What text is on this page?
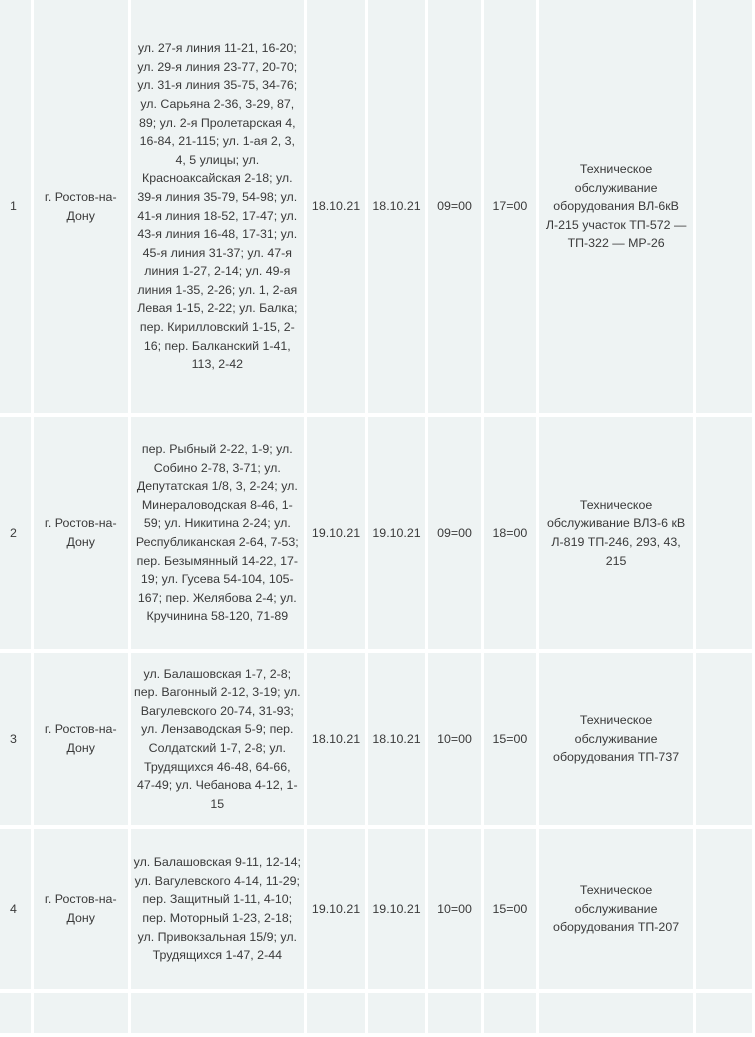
1	г. Ростов-на-Дону	ул. 27-я линия 11-21, 16-20; ул. 29-я линия 23-77, 20-70; ул. 31-я линия 35-75, 34-76; ул. Сарьяна 2-36, 3-29, 87, 89; ул. 2-я Пролетарская 4, 16-84, 21-115; ул. 1-ая 2, 3, 4, 5 улицы; ул. Красноаксайская 2-18; ул. 39-я линия 35-79, 54-98; ул. 41-я линия 18-52, 17-47; ул. 43-я линия 16-48, 17-31; ул. 45-я линия 31-37; ул. 47-я линия 1-27, 2-14; ул. 49-я линия 1-35, 2-26; ул. 1, 2-ая Левая 1-15, 2-22; ул. Балка; пер. Кирилловский 1-15, 2-16; пер. Балканский 1-41, 113, 2-42	18.10.21	18.10.21	09=00	17=00	Техническое обслуживание оборудования ВЛ-6кВ Л-215 участок ТП-572 — ТП-322 — МР-26	
2	г. Ростов-на-Дону	пер. Рыбный 2-22, 1-9; ул. Собино 2-78, 3-71; ул. Депутатская 1/8, 3, 2-24; ул. Минераловодская 8-46, 1-59; ул. Никитина 2-24; ул. Республиканская 2-64, 7-53; пер. Безымянный 14-22, 17-19; ул. Гусева 54-104, 105-167; пер. Желябова 2-4; ул. Кручинина 58-120, 71-89	19.10.21	19.10.21	09=00	18=00	Техническое обслуживание ВЛЗ-6 кВ Л-819 ТП-246, 293, 43, 215	
3	г. Ростов-на-Дону	ул. Балашовская 1-7, 2-8; пер. Вагонный 2-12, 3-19; ул. Вагулевского 20-74, 31-93; ул. Лензаводская 5-9; пер. Солдатский 1-7, 2-8; ул. Трудящихся 46-48, 64-66, 47-49; ул. Чебанова 4-12, 1-15	18.10.21	18.10.21	10=00	15=00	Техническое обслуживание оборудования ТП-737	
4	г. Ростов-на-Дону	ул. Балашовская 9-11, 12-14; ул. Вагулевского 4-14, 11-29; пер. Защитный 1-11, 4-10; пер. Моторный 1-23, 2-18; ул. Привокзальная 15/9; ул. Трудящихся 1-47, 2-44	19.10.21	19.10.21	10=00	15=00	Техническое обслуживание оборудования ТП-207	
